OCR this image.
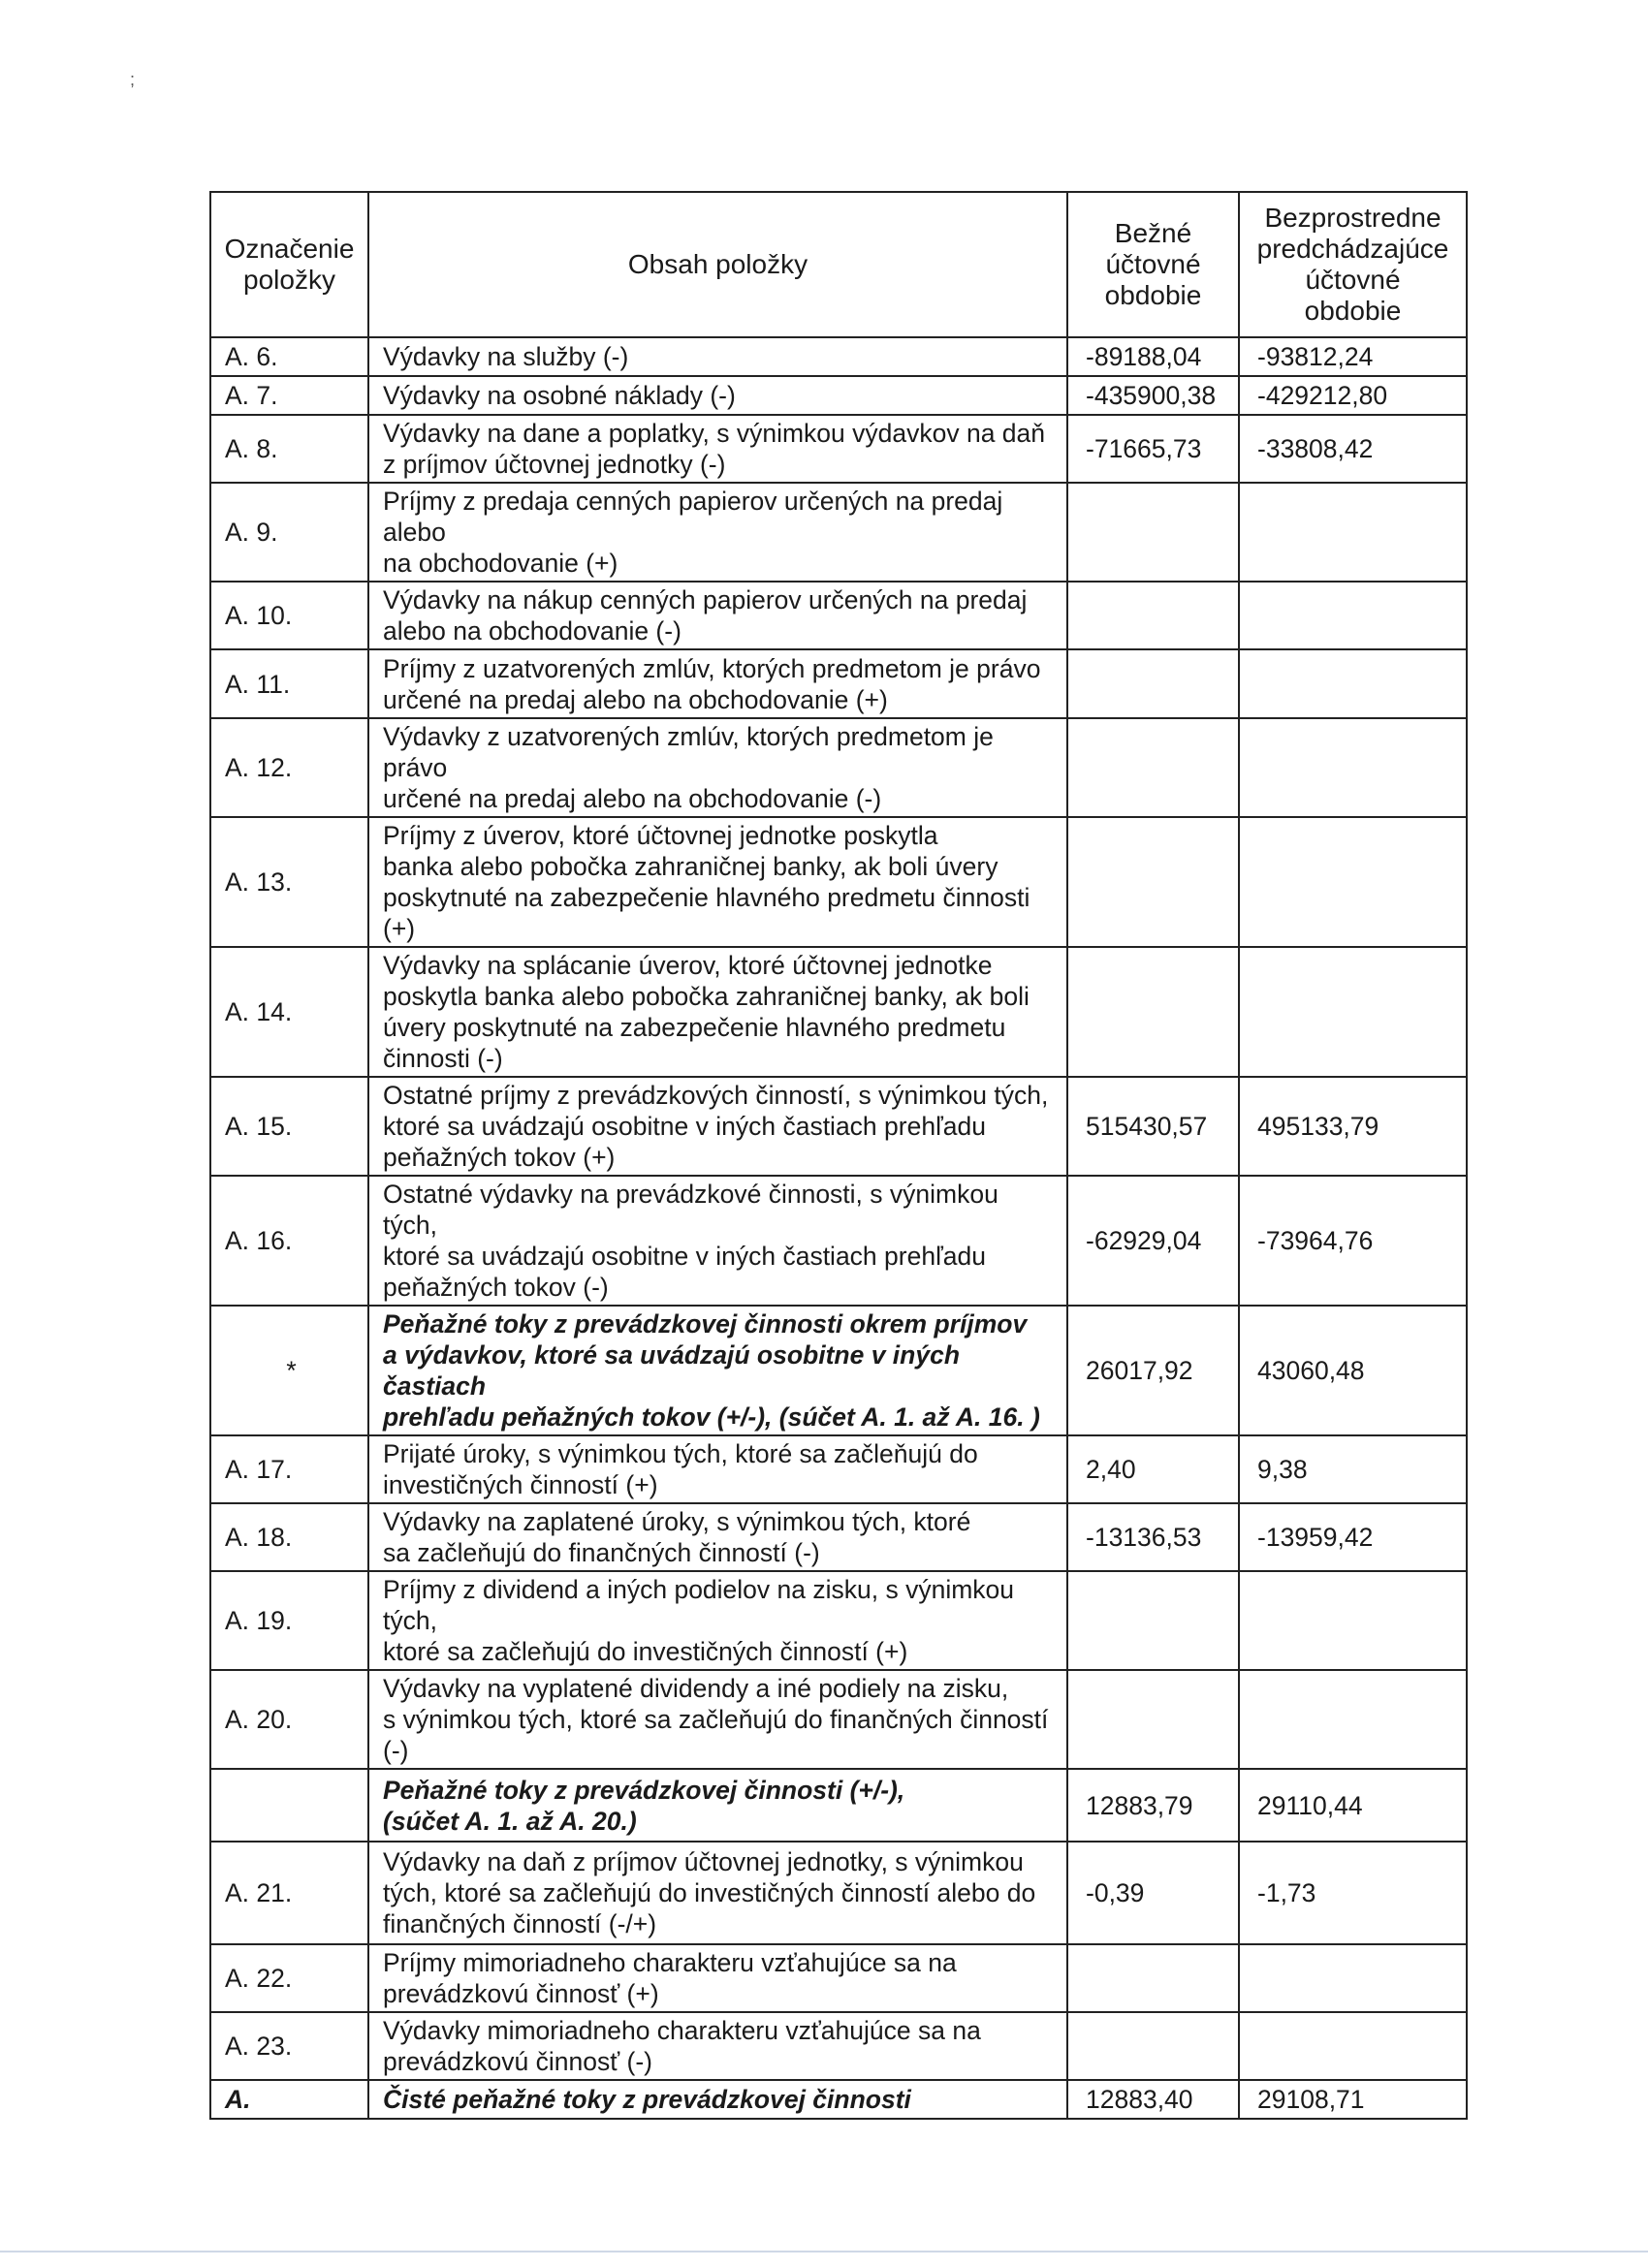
;
Označenie
položky	Obsah položky	Bežné
účtovné
obdobie	Bezprostredne
predchádzajúce
účtovné
obdobie

A. 6.	Výdavky na služby (-)	-89188,04	-93812,24

A. 7.	Výdavky na osobné náklady (-)	-435900,38	-429212,80

A. 8.	Výdavky na dane a poplatky, s výnimkou výdavkov na daň
z príjmov účtovnej jednotky (-)	-71665,73	-33808,42

A. 9.	Príjmy z predaja cenných papierov určených na predaj alebo
na obchodovanie (+)		

A. 10.	Výdavky na nákup cenných papierov určených na predaj
alebo na obchodovanie (-)		

A. 11.	Príjmy z uzatvorených zmlúv, ktorých predmetom je právo
určené na predaj alebo na obchodovanie (+)		

A. 12.	Výdavky z uzatvorených zmlúv, ktorých predmetom je právo
určené na predaj alebo na obchodovanie (-)		

A. 13.	Príjmy z úverov, ktoré účtovnej jednotke poskytla
banka alebo pobočka zahraničnej banky, ak boli úvery
poskytnuté na zabezpečenie hlavného predmetu činnosti (+)		

A. 14.	Výdavky na splácanie úverov, ktoré účtovnej jednotke
poskytla banka alebo pobočka zahraničnej banky, ak boli
úvery poskytnuté na zabezpečenie hlavného predmetu
činnosti (-)		

A. 15.	Ostatné príjmy z prevádzkových činností, s výnimkou tých,
ktoré sa uvádzajú osobitne v iných častiach prehľadu
peňažných tokov (+)	515430,57	495133,79

A. 16.	Ostatné výdavky na prevádzkové činnosti, s výnimkou tých,
ktoré sa uvádzajú osobitne v iných častiach prehľadu
peňažných tokov (-)	-62929,04	-73964,76

*	Peňažné toky z prevádzkovej činnosti okrem príjmov
a výdavkov, ktoré sa uvádzajú osobitne v iných častiach
prehľadu peňažných tokov (+/-), (súčet A. 1. až A. 16. )	26017,92	43060,48

A. 17.	Prijaté úroky, s výnimkou tých, ktoré sa začleňujú do
investičných činností (+)	2,40	9,38

A. 18.	Výdavky na zaplatené úroky, s výnimkou tých, ktoré
sa začleňujú do finančných činností (-)	-13136,53	-13959,42

A. 19.	Príjmy z dividend a iných podielov na zisku, s výnimkou tých,
ktoré sa začleňujú do investičných činností (+)		

A. 20.	Výdavky na vyplatené dividendy a iné podiely na zisku,
s výnimkou tých, ktoré sa začleňujú do finančných činností (-)		

	Peňažné toky z prevádzkovej činnosti (+/-),
(súčet A. 1. až A. 20.)	12883,79	29110,44

A. 21.	Výdavky na daň z príjmov účtovnej jednotky, s výnimkou
tých, ktoré sa začleňujú do investičných činností alebo do
finančných činností (-/+)	-0,39	-1,73

A. 22.	Príjmy mimoriadneho charakteru vzťahujúce sa na
prevádzkovú činnosť (+)		

A. 23.	Výdavky mimoriadneho charakteru vzťahujúce sa na
prevádzkovú činnosť (-)		

A.	Čisté peňažné toky z prevádzkovej činnosti	12883,40	29108,71
